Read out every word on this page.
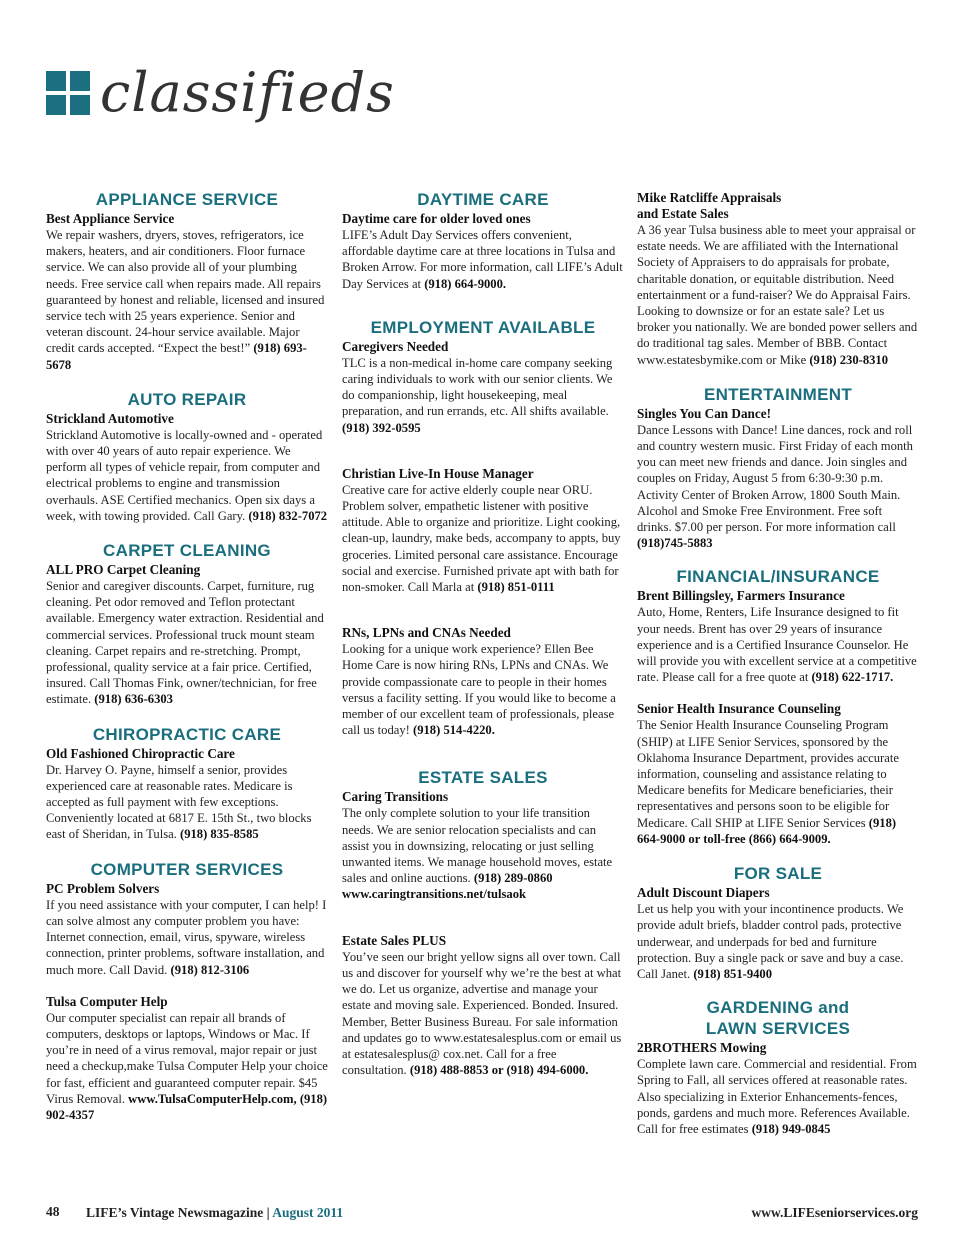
classifieds
APPLIANCE SERVICE
Best Appliance Service
We repair washers, dryers, stoves, refrigerators, ice makers, heaters, and air conditioners. Floor furnace service. We can also provide all of your plumbing needs. Free service call when repairs made. All repairs guaranteed by honest and reliable, licensed and insured service tech with 25 years experience. Senior and veteran discount. 24-hour service available. Major credit cards accepted. “Expect the best!” (918) 693-5678
AUTO REPAIR
Strickland Automotive
Strickland Automotive is locally-owned and - operated with over 40 years of auto repair experience. We perform all types of vehicle repair, from computer and electrical problems to engine and transmission overhauls. ASE Certified mechanics. Open six days a week, with towing provided. Call Gary. (918) 832-7072
CARPET CLEANING
ALL PRO Carpet Cleaning
Senior and caregiver discounts. Carpet, furniture, rug cleaning. Pet odor removed and Teflon protectant available. Emergency water extraction. Residential and commercial services. Professional truck mount steam cleaning. Carpet repairs and re-stretching. Prompt, professional, quality service at a fair price. Certified, insured. Call Thomas Fink, owner/technician, for free estimate. (918) 636-6303
CHIROPRACTIC CARE
Old Fashioned Chiropractic Care
Dr. Harvey O. Payne, himself a senior, provides experienced care at reasonable rates. Medicare is accepted as full payment with few exceptions. Conveniently located at 6817 E. 15th St., two blocks east of Sheridan, in Tulsa. (918) 835-8585
COMPUTER SERVICES
PC Problem Solvers
If you need assistance with your computer, I can help! I can solve almost any computer problem you have: Internet connection, email, virus, spyware, wireless connection, printer problems, software installation, and much more. Call David. (918) 812-3106
Tulsa Computer Help
Our computer specialist can repair all brands of computers, desktops or laptops, Windows or Mac. If you’re in need of a virus removal, major repair or just need a checkup,make Tulsa Computer Help your choice for fast, efficient and guaranteed computer repair. $45 Virus Removal. www.TulsaComputerHelp.com, (918) 902-4357
DAYTIME CARE
Daytime care for older loved ones
LIFE’s Adult Day Services offers convenient, affordable daytime care at three locations in Tulsa and Broken Arrow. For more information, call LIFE’s Adult Day Services at (918) 664-9000.
EMPLOYMENT AVAILABLE
Caregivers Needed
TLC is a non-medical in-home care company seeking caring individuals to work with our senior clients. We do companionship, light housekeeping, meal preparation, and run errands, etc. All shifts available. (918) 392-0595
Christian Live-In House Manager
Creative care for active elderly couple near ORU. Problem solver, empathetic listener with positive attitude. Able to organize and prioritize. Light cooking, clean-up, laundry, make beds, accompany to appts, buy groceries. Limited personal care assistance. Encourage social and exercise. Furnished private apt with bath for non-smoker. Call Marla at (918) 851-0111
RNs, LPNs and CNAs Needed
Looking for a unique work experience? Ellen Bee Home Care is now hiring RNs, LPNs and CNAs. We provide compassionate care to people in their homes versus a facility setting. If you would like to become a member of our excellent team of professionals, please call us today! (918) 514-4220.
ESTATE SALES
Caring Transitions
The only complete solution to your life transition needs. We are senior relocation specialists and can assist you in downsizing, relocating or just selling unwanted items. We manage household moves, estate sales and online auctions. (918) 289-0860 www.caringtransitions.net/tulsaok
Estate Sales PLUS
You’ve seen our bright yellow signs all over town. Call us and discover for yourself why we’re the best at what we do. Let us organize, advertise and manage your estate and moving sale. Experienced. Bonded. Insured. Member, Better Business Bureau. For sale information and updates go to www.estatesalesplus.com or email us at estatesalesplus@ cox.net. Call for a free consultation. (918) 488-8853 or (918) 494-6000.
Mike Ratcliffe Appraisals and Estate Sales
A 36 year Tulsa business able to meet your appraisal or estate needs. We are affiliated with the International Society of Appraisers to do appraisals for probate, charitable donation, or equitable distribution. Need entertainment or a fund-raiser? We do Appraisal Fairs. Looking to downsize or for an estate sale? Let us broker you nationally. We are bonded power sellers and do traditional tag sales. Member of BBB. Contact www.estatesbymike.com or Mike (918) 230-8310
ENTERTAINMENT
Singles You Can Dance!
Dance Lessons with Dance! Line dances, rock and roll and country western music. First Friday of each month you can meet new friends and dance. Join singles and couples on Friday, August 5 from 6:30-9:30 p.m. Activity Center of Broken Arrow, 1800 South Main. Alcohol and Smoke Free Environment. Free soft drinks. $7.00 per person. For more information call (918)745-5883
FINANCIAL/INSURANCE
Brent Billingsley, Farmers Insurance
Auto, Home, Renters, Life Insurance designed to fit your needs. Brent has over 29 years of insurance experience and is a Certified Insurance Counselor. He will provide you with excellent service at a competitive rate. Please call for a free quote at (918) 622-1717.
Senior Health Insurance Counseling
The Senior Health Insurance Counseling Program (SHIP) at LIFE Senior Services, sponsored by the Oklahoma Insurance Department, provides accurate information, counseling and assistance relating to Medicare benefits for Medicare beneficiaries, their representatives and persons soon to be eligible for Medicare. Call SHIP at LIFE Senior Services (918) 664-9000 or toll-free (866) 664-9009.
FOR SALE
Adult Discount Diapers
Let us help you with your incontinence products. We provide adult briefs, bladder control pads, protective underwear, and underpads for bed and furniture protection. Buy a single pack or save and buy a case. Call Janet. (918) 851-9400
GARDENING and
LAWN SERVICES
2BROTHERS Mowing
Complete lawn care. Commercial and residential. From Spring to Fall, all services offered at reasonable rates. Also specializing in Exterior Enhancements-fences, ponds, gardens and much more. References Available. Call for free estimates (918) 949-0845
48 LIFE’s Vintage Newsmagazine | August 2011	www.LIFEseniorservices.org
